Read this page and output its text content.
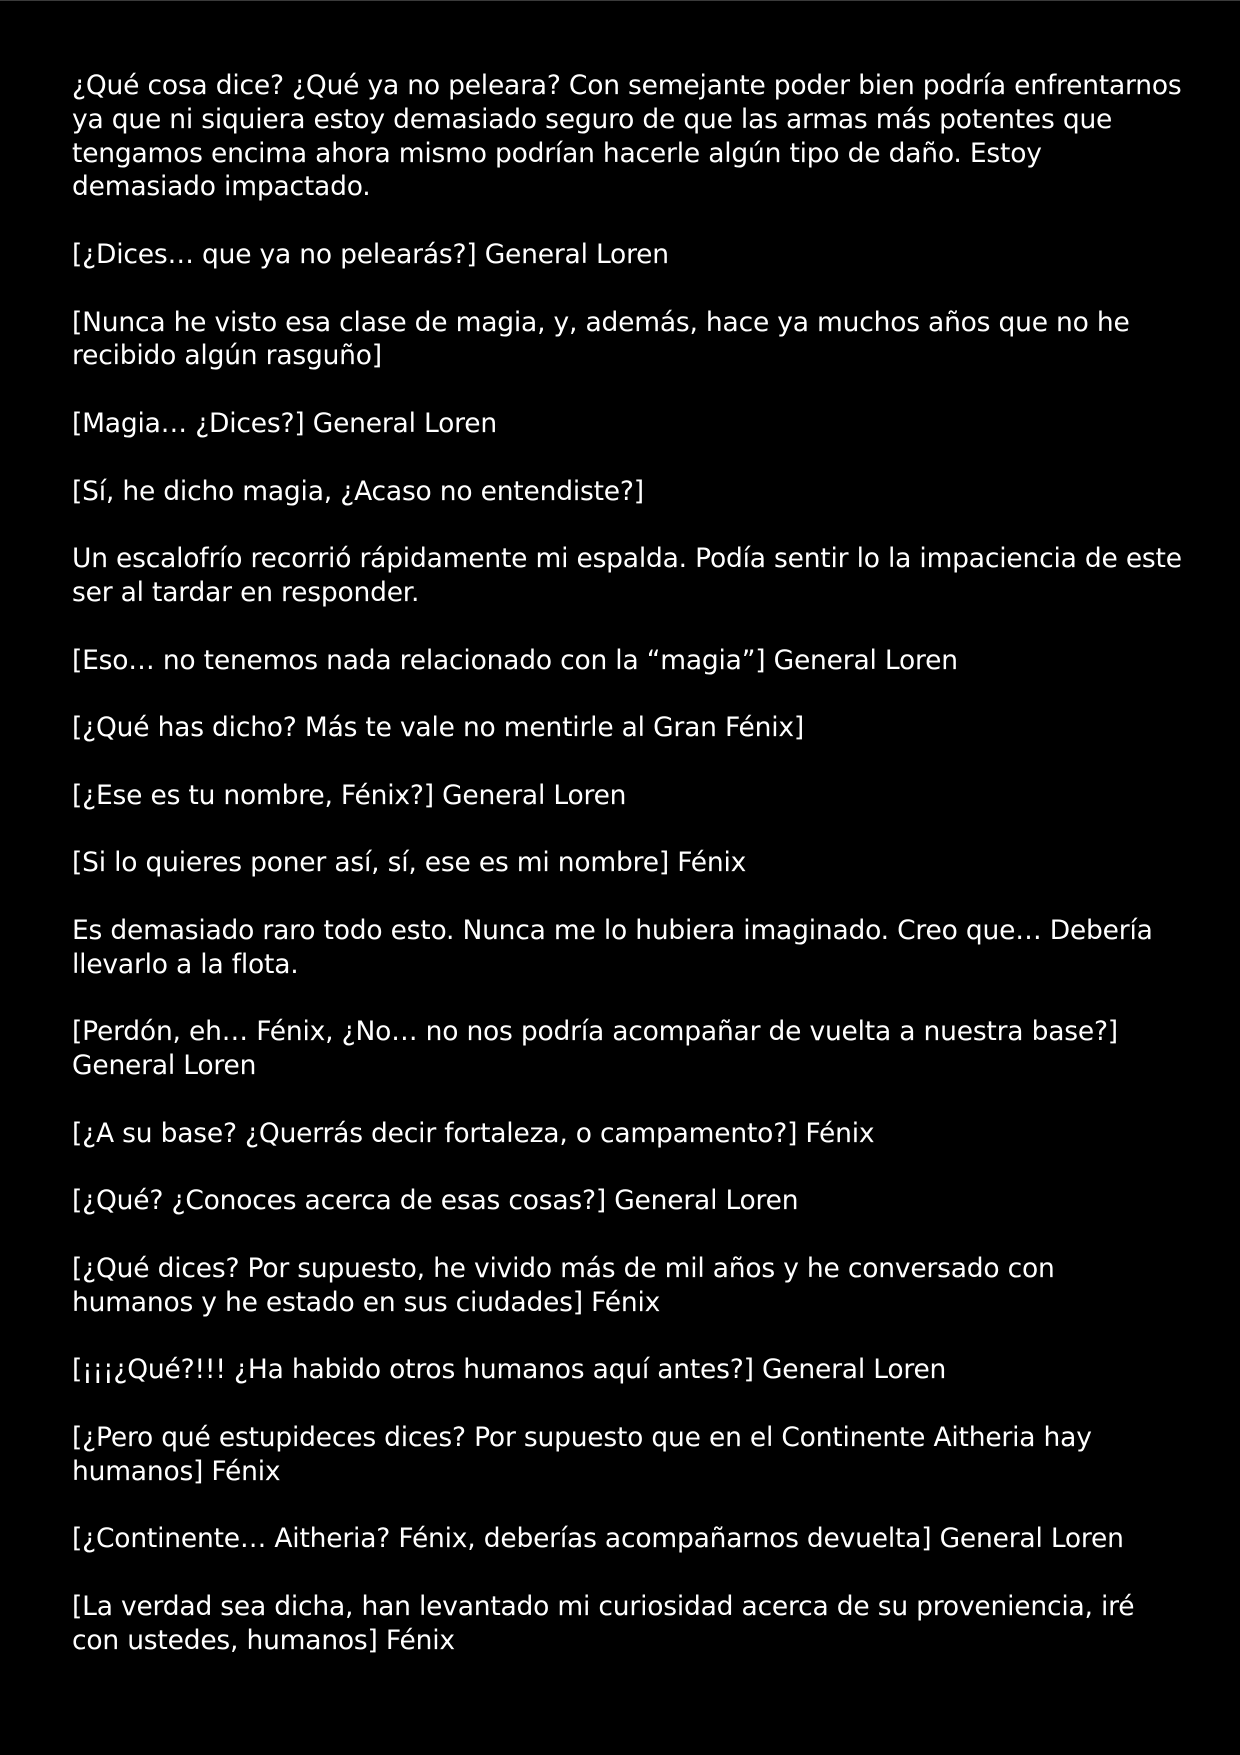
¿Qué cosa dice? ¿Qué ya no peleara? Con semejante poder bien podría enfrentarnos ya que ni siquiera estoy demasiado seguro de que las armas más potentes que tengamos encima ahora mismo podrían hacerle algún tipo de daño. Estoy demasiado impactado.

[¿Dices… que ya no pelearás?] General Loren

[Nunca he visto esa clase de magia, y, además, hace ya muchos años que no he recibido algún rasguño]

[Magia… ¿Dices?] General Loren

[Sí, he dicho magia, ¿Acaso no entendiste?]

Un escalofrío recorrió rápidamente mi espalda. Podía sentir lo la impaciencia de este ser al tardar en responder.

[Eso… no tenemos nada relacionado con la “magia”] General Loren

[¿Qué has dicho? Más te vale no mentirle al Gran Fénix]

[¿Ese es tu nombre, Fénix?] General Loren

[Si lo quieres poner así, sí, ese es mi nombre] Fénix

Es demasiado raro todo esto. Nunca me lo hubiera imaginado. Creo que… Debería llevarlo a la flota.

[Perdón, eh… Fénix, ¿No… no nos podría acompañar de vuelta a nuestra base?] General Loren

[¿A su base? ¿Querrás decir fortaleza, o campamento?] Fénix

[¿Qué? ¿Conoces acerca de esas cosas?] General Loren

[¿Qué dices? Por supuesto, he vivido más de mil años y he conversado con humanos y he estado en sus ciudades] Fénix

[¡¡¡¿Qué?!!! ¿Ha habido otros humanos aquí antes?] General Loren

[¿Pero qué estupideces dices? Por supuesto que en el Continente Aitheria hay humanos] Fénix

[¿Continente… Aitheria? Fénix, deberías acompañarnos devuelta] General Loren

[La verdad sea dicha, han levantado mi curiosidad acerca de su proveniencia, iré con ustedes, humanos] Fénix
